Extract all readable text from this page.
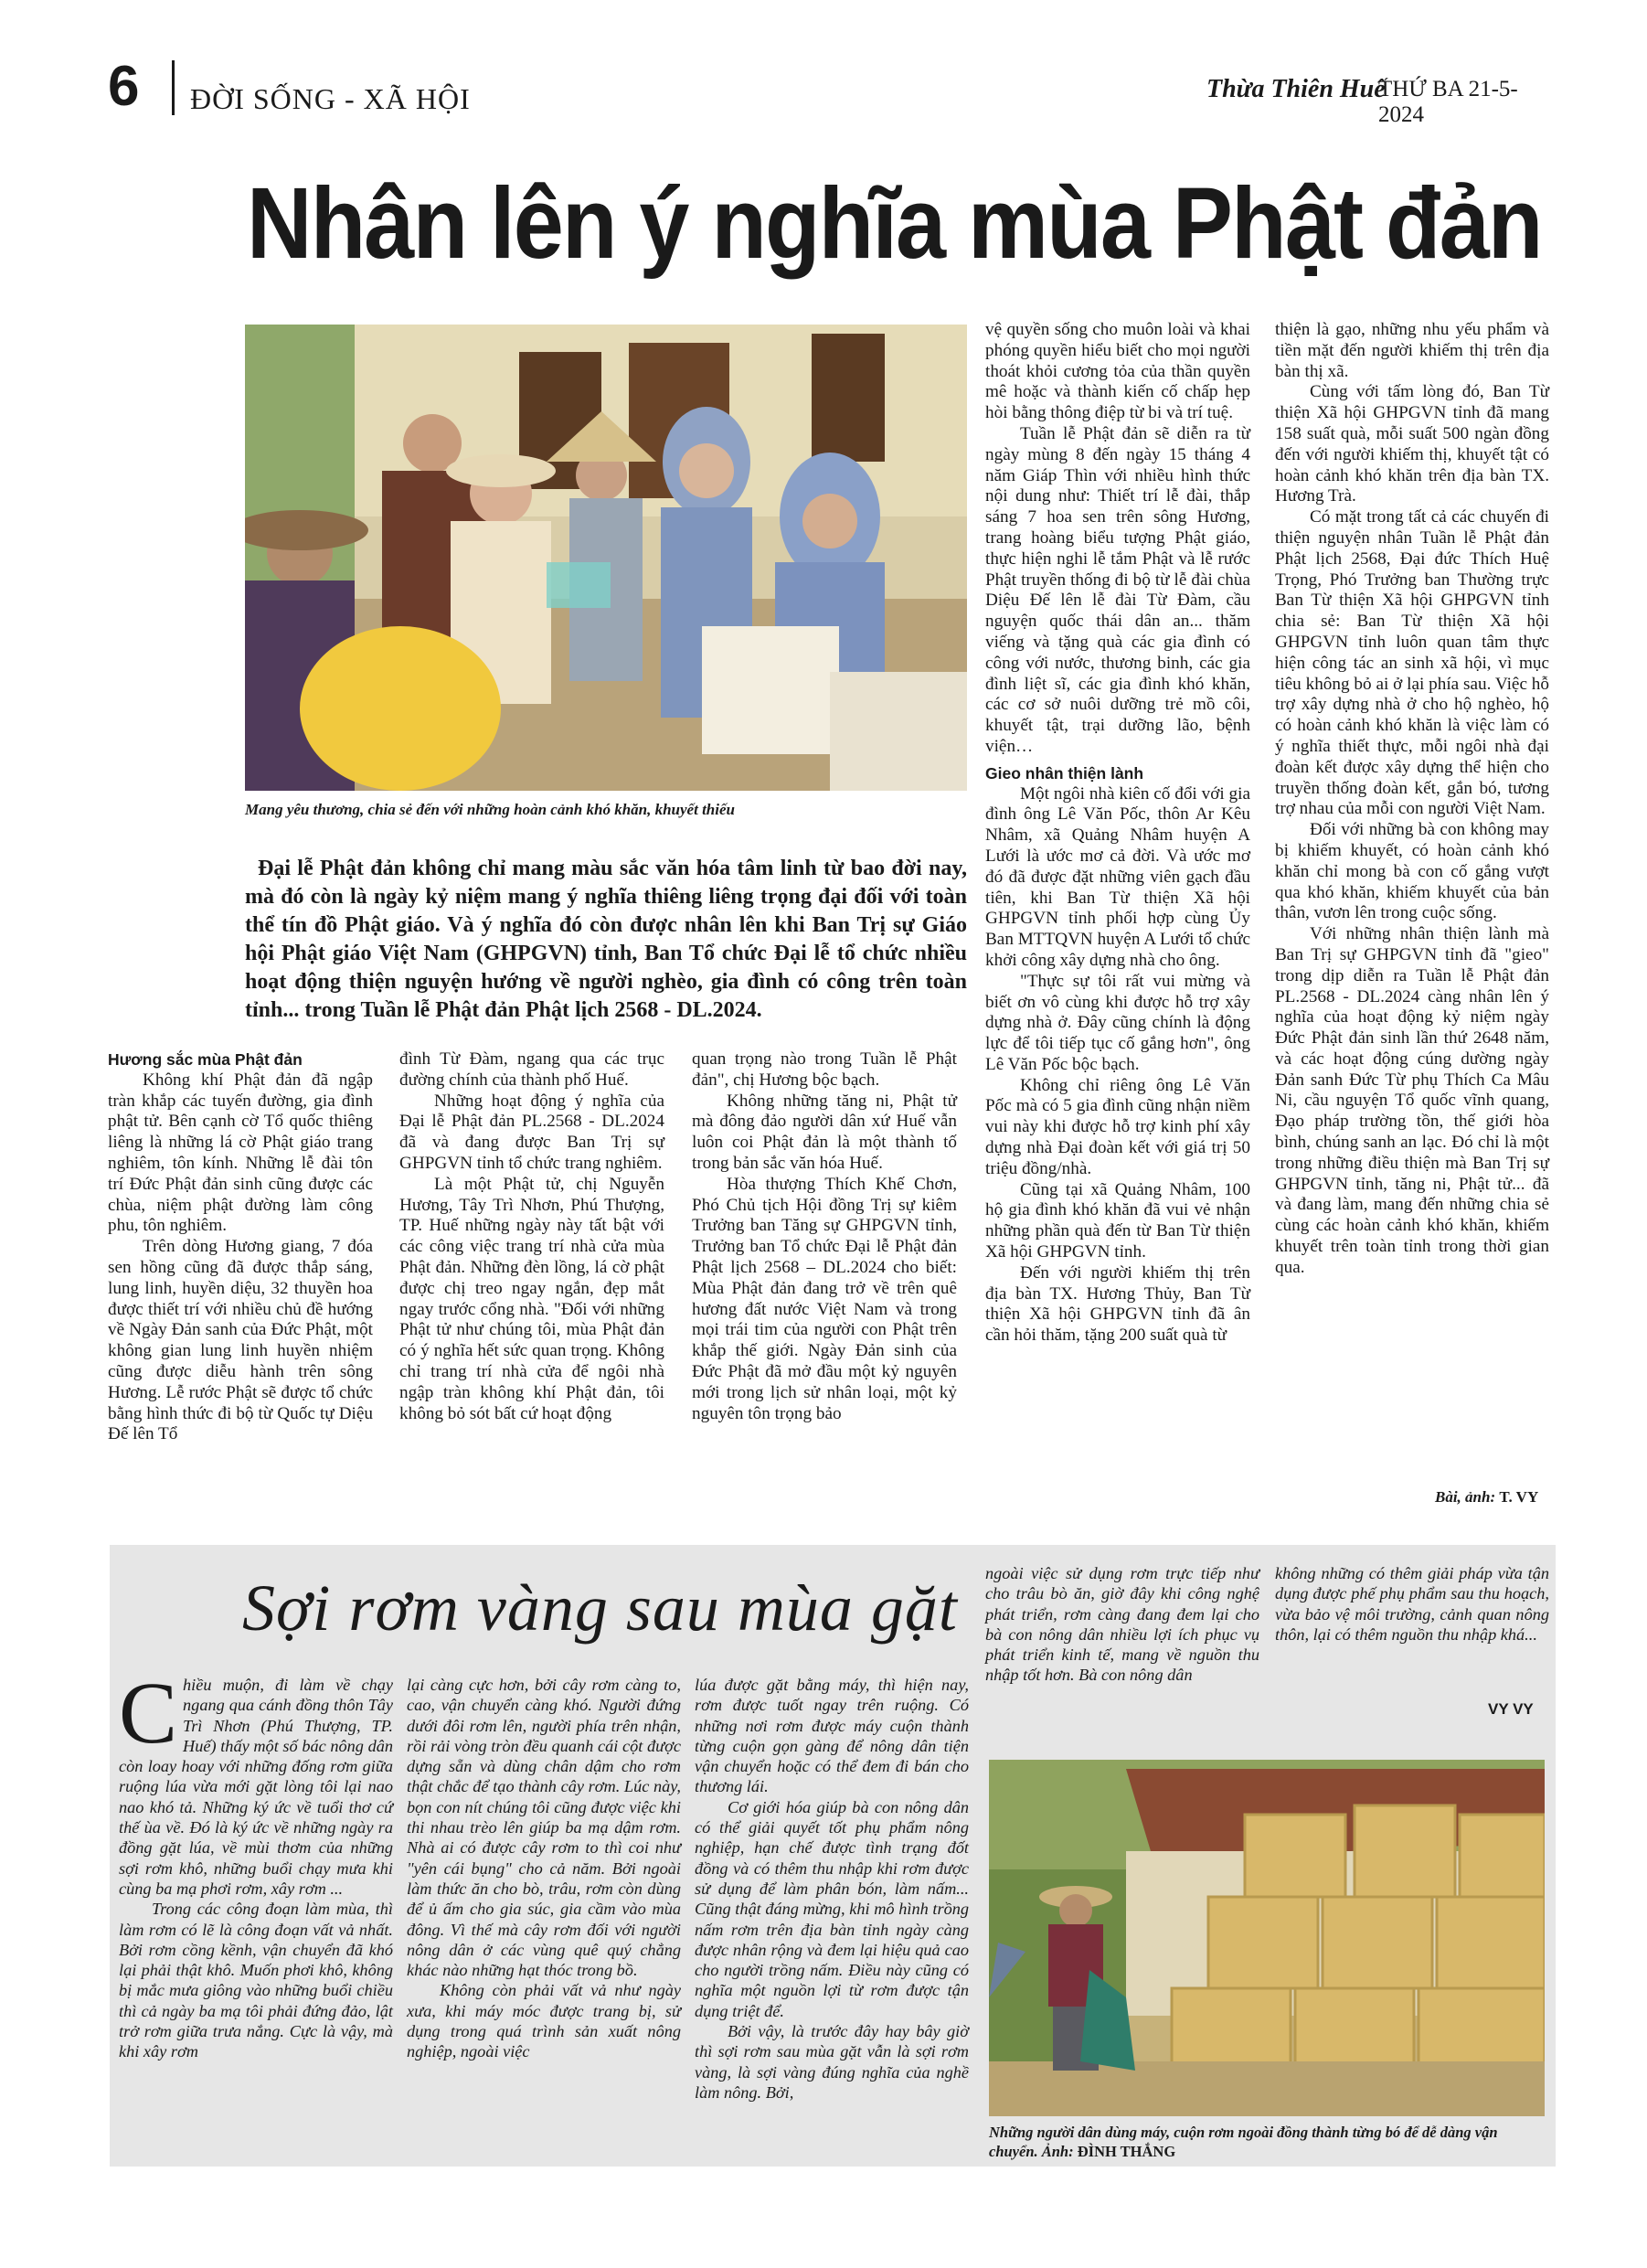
6 ĐỜI SỐNG - XÃ HỘI	Thừa Thiên Huế
THỨ BA 21-5-2024
Nhân lên ý nghĩa mùa Phật đản
Mang yêu thương, chia sẻ đến với những hoàn cảnh khó khăn, khuyết thiếu
Đại lễ Phật đản không chỉ mang màu sắc văn hóa tâm linh từ bao đời nay, mà đó còn là ngày kỷ niệm mang ý nghĩa thiêng liêng trọng đại đối với toàn thể tín đồ Phật giáo. Và ý nghĩa đó còn được nhân lên khi Ban Trị sự Giáo hội Phật giáo Việt Nam (GHPGVN) tỉnh, Ban Tổ chức Đại lễ tổ chức nhiều hoạt động thiện nguyện hướng về người nghèo, gia đình có công trên toàn tỉnh... trong Tuần lễ Phật đản Phật lịch 2568 - DL.2024.

Hương sắc mùa Phật đản

Không khí Phật đản đã ngập tràn khắp các tuyến đường, gia đình phật tử. Bên cạnh cờ Tổ quốc thiêng liêng là những lá cờ Phật giáo trang nghiêm, tôn kính. Những lễ đài tôn trí Đức Phật đản sinh cũng được các chùa, niệm phật đường làm công phu, tôn nghiêm.

Trên dòng Hương giang, 7 đóa sen hồng cũng đã được thắp sáng, lung linh, huyền diệu, 32 thuyền hoa được thiết trí với nhiều chủ đề hướng về Ngày Đản sanh của Đức Phật, một không gian lung linh huyền nhiệm cũng được diễu hành trên sông Hương. Lễ rước Phật sẽ được tổ chức bằng hình thức đi bộ từ Quốc tự Diệu Đế lên Tổ

đình Từ Đàm, ngang qua các trục đường chính của thành phố Huế.

Những hoạt động ý nghĩa của Đại lễ Phật đản PL.2568 - DL.2024 đã và đang được Ban Trị sự GHPGVN tỉnh tổ chức trang nghiêm.

Là một Phật tử, chị Nguyễn Hương, Tây Trì Nhơn, Phú Thượng, TP. Huế những ngày này tất bật với các công việc trang trí nhà cửa mùa Phật đản. Những đèn lồng, lá cờ phật được chị treo ngay ngắn, đẹp mắt ngay trước cổng nhà. "Đối với những Phật tử như chúng tôi, mùa Phật đản có ý nghĩa hết sức quan trọng. Không chỉ trang trí nhà cửa để ngôi nhà ngập tràn không khí Phật đản, tôi không bỏ sót bất cứ hoạt động

quan trọng nào trong Tuần lễ Phật đản", chị Hương bộc bạch.

Không những tăng ni, Phật tử mà đông đảo người dân xứ Huế vẫn luôn coi Phật đản là một thành tố trong bản sắc văn hóa Huế.

Hòa thượng Thích Khế Chơn, Phó Chủ tịch Hội đồng Trị sự kiêm Trưởng ban Tăng sự GHPGVN tỉnh, Trưởng ban Tổ chức Đại lễ Phật đản Phật lịch 2568 – DL.2024 cho biết: Mùa Phật đản đang trở về trên quê hương đất nước Việt Nam và trong mọi trái tim của người con Phật trên khắp thế giới. Ngày Đản sinh của Đức Phật đã mở đầu một kỷ nguyên mới trong lịch sử nhân loại, một kỷ nguyên tôn trọng bảo

vệ quyền sống cho muôn loài và khai phóng quyền hiểu biết cho mọi người thoát khỏi cương tỏa của thần quyền mê hoặc và thành kiến cố chấp hẹp hòi bằng thông điệp từ bi và trí tuệ.

Tuần lễ Phật đản sẽ diễn ra từ ngày mùng 8 đến ngày 15 tháng 4 năm Giáp Thìn với nhiều hình thức nội dung như: Thiết trí lễ đài, thắp sáng 7 hoa sen trên sông Hương, trang hoàng biểu tượng Phật giáo, thực hiện nghi lễ tắm Phật và lễ rước Phật truyền thống đi bộ từ lễ đài chùa Diệu Đế lên lễ đài Từ Đàm, cầu nguyện quốc thái dân an... thăm viếng và tặng quà các gia đình có công với nước, thương binh, các gia đình liệt sĩ, các gia đình khó khăn, các cơ sở nuôi dưỡng trẻ mồ côi, khuyết tật, trại dưỡng lão, bệnh viện…

Gieo nhân thiện lành

Một ngôi nhà kiên cố đổi với gia đình ông Lê Văn Pốc, thôn Ar Kêu Nhâm, xã Quảng Nhâm huyện A Lưới là ước mơ cả đời. Và ước mơ đó đã được đặt những viên gạch đầu tiên, khi Ban Từ thiện Xã hội GHPGVN tỉnh phối hợp cùng Ủy Ban MTTQVN huyện A Lưới tổ chức khởi công xây dựng nhà cho ông.

"Thực sự tôi rất vui mừng và biết ơn vô cùng khi được hỗ trợ xây dựng nhà ở. Đây cũng chính là động lực để tôi tiếp tục cố gắng hơn", ông Lê Văn Pốc bộc bạch.

Không chỉ riêng ông Lê Văn Pốc mà có 5 gia đình cũng nhận niềm vui này khi được hỗ trợ kinh phí xây dựng nhà Đại đoàn kết với giá trị 50 triệu đồng/nhà.

Cũng tại xã Quảng Nhâm, 100 hộ gia đình khó khăn đã vui vẻ nhận những phần quà đến từ Ban Từ thiện Xã hội GHPGVN tỉnh.

Đến với người khiếm thị trên địa bàn TX. Hương Thủy, Ban Từ thiện Xã hội GHPGVN tỉnh đã ân cần hỏi thăm, tặng 200 suất quà từ

thiện là gạo, những nhu yếu phẩm và tiền mặt đến người khiếm thị trên địa bàn thị xã.

Cùng với tấm lòng đó, Ban Từ thiện Xã hội GHPGVN tỉnh đã mang 158 suất quà, mỗi suất 500 ngàn đồng đến với người khiếm thị, khuyết tật có hoàn cảnh khó khăn trên địa bàn TX. Hương Trà.

Có mặt trong tất cả các chuyến đi thiện nguyện nhân Tuần lễ Phật đản Phật lịch 2568, Đại đức Thích Huệ Trọng, Phó Trưởng ban Thường trực Ban Từ thiện Xã hội GHPGVN tỉnh chia sẻ: Ban Từ thiện Xã hội GHPGVN tỉnh luôn quan tâm thực hiện công tác an sinh xã hội, vì mục tiêu không bỏ ai ở lại phía sau. Việc hỗ trợ xây dựng nhà ở cho hộ nghèo, hộ có hoàn cảnh khó khăn là việc làm có ý nghĩa thiết thực, mỗi ngôi nhà đại đoàn kết được xây dựng thể hiện cho truyền thống đoàn kết, gắn bó, tương trợ nhau của mỗi con người Việt Nam.

Đối với những bà con không may bị khiếm khuyết, có hoàn cảnh khó khăn chỉ mong bà con cố gắng vượt qua khó khăn, khiếm khuyết của bản thân, vươn lên trong cuộc sống.

Với những nhân thiện lành mà Ban Trị sự GHPGVN tỉnh đã "gieo" trong dịp diễn ra Tuần lễ Phật đản PL.2568 - DL.2024 càng nhân lên ý nghĩa của hoạt động kỷ niệm ngày Đức Phật đản sinh lần thứ 2648 năm, và các hoạt động cúng dường ngày Đản sanh Đức Từ phụ Thích Ca Mâu Ni, cầu nguyện Tổ quốc vĩnh quang, Đạo pháp trường tồn, thế giới hòa bình, chúng sanh an lạc. Đó chỉ là một trong những điều thiện mà Ban Trị sự GHPGVN tỉnh, tăng ni, Phật tử... đã và đang làm, mang đến những chia sẻ cùng các hoàn cảnh khó khăn, khiếm khuyết trên toàn tỉnh trong thời gian qua.

Bài, ảnh: T. VY
Sợi rơm vàng sau mùa gặt

Chiều muộn, đi làm về chạy ngang qua cánh đồng thôn Tây Trì Nhơn (Phú Thượng, TP. Huế) thấy một số bác nông dân còn loay hoay với những đống rơm giữa ruộng lúa vừa mới gặt lòng tôi lại nao nao khó tả. Những ký ức về tuổi thơ cứ thế ùa về. Đó là ký ức về những ngày ra đồng gặt lúa, về mùi thơm của những sợi rơm khô, những buổi chạy mưa khi cùng ba mạ phơi rơm, xây rơm ...

Trong các công đoạn làm mùa, thì làm rơm có lẽ là công đoạn vất vả nhất. Bởi rơm cồng kềnh, vận chuyển đã khó lại phải thật khô. Muốn phơi khô, không bị mắc mưa giông vào những buổi chiều thì cả ngày ba mạ tôi phải đứng đảo, lật trở rơm giữa trưa nắng. Cực là vậy, mà khi xây rơm

lại càng cực hơn, bởi cây rơm càng to, cao, vận chuyển càng khó. Người đứng dưới đôi rơm lên, người phía trên nhận, rồi rải vòng tròn đều quanh cái cột được dựng sẵn và dùng chân dậm cho rơm thật chắc để tạo thành cây rơm. Lúc này, bọn con nít chúng tôi cũng được việc khi thi nhau trèo lên giúp ba mạ dậm rơm. Nhà ai có được cây rơm to thì coi như "yên cái bụng" cho cả năm. Bởi ngoài làm thức ăn cho bò, trâu, rơm còn dùng để ủ ấm cho gia súc, gia cầm vào mùa đông. Vì thế mà cây rơm đối với người nông dân ở các vùng quê quý chẳng khác nào những hạt thóc trong bồ.

Không còn phải vất vả như ngày xưa, khi máy móc được trang bị, sử dụng trong quá trình sản xuất nông nghiệp, ngoài việc

lúa được gặt bằng máy, thì hiện nay, rơm được tuốt ngay trên ruộng. Có những nơi rơm được máy cuộn thành từng cuộn gọn gàng để nông dân tiện vận chuyển hoặc có thể đem đi bán cho thương lái.

Cơ giới hóa giúp bà con nông dân có thể giải quyết tốt phụ phẩm nông nghiệp, hạn chế được tình trạng đốt đồng và có thêm thu nhập khi rơm được sử dụng để làm phân bón, làm nấm... Cũng thật đáng mừng, khi mô hình trồng nấm rơm trên địa bàn tỉnh ngày càng được nhân rộng và đem lại hiệu quả cao cho người trồng nấm. Điều này cũng có nghĩa một nguồn lợi từ rơm được tận dụng triệt để.

Bởi vậy, là trước đây hay bây giờ thì sợi rơm sau mùa gặt vẫn là sợi rơm vàng, là sợi vàng đúng nghĩa của nghề làm nông. Bởi,

ngoài việc sử dụng rơm trực tiếp như cho trâu bò ăn, giờ đây khi công nghệ phát triển, rơm càng đang đem lại cho bà con nông dân nhiều lợi ích phục vụ phát triển kinh tế, mang về nguồn thu nhập tốt hơn. Bà con nông dân

không những có thêm giải pháp vừa tận dụng được phế phụ phẩm sau thu hoạch, vừa bảo vệ môi trường, cảnh quan nông thôn, lại có thêm nguồn thu nhập khá...

VY VY
Những người dân dùng máy, cuộn rơm ngoài đồng thành từng bó để dễ dàng vận chuyển. Ảnh: ĐÌNH THẮNG
